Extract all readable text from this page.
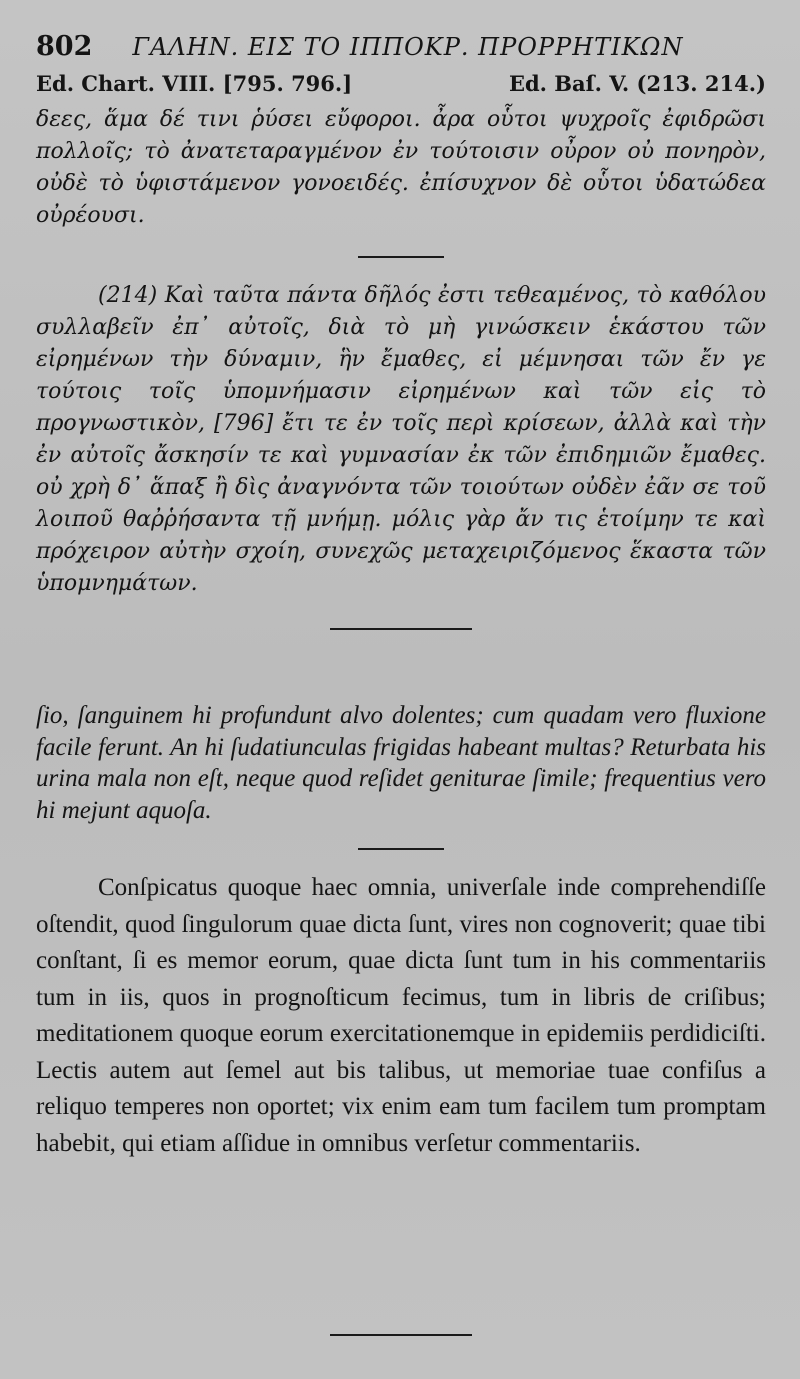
802 ΓΑΛΗΝ. ΕΙΣ ΤΟ ΙΠΠΟΚΡ. ΠΡΟΡΡΗΤΙΚΩΝ
Ed. Chart. VIII. [795. 796.]	Ed. Baſ. V. (213. 214.)

δεες, ἅμα δέ τινι ῥύσει εὔφοροι. ἆρα οὗτοι ψυχροῖς ἐφιδρῶσι πολλοῖς; τὸ ἀνατεταραγμένον ἐν τούτοισιν οὖρον οὐ πονηρὸν, οὐδὲ τὸ ὑφιστάμενον γονοειδές. ἐπίσυχνον δὲ οὗτοι ὑδατώδεα οὐρέουσι.

(214) Καὶ ταῦτα πάντα δῆλός ἐστι τεθεαμένος, τὸ καθόλου συλλαβεῖν ἐπ᾽ αὐτοῖς, διὰ τὸ μὴ γινώσκειν ἑκάστου τῶν εἰρημένων τὴν δύναμιν, ἣν ἔμαθες, εἰ μέμνησαι τῶν ἔν γε τούτοις τοῖς ὑπομνήμασιν εἰρημένων καὶ τῶν εἰς τὸ προγνωστικὸν, [796] ἔτι τε ἐν τοῖς περὶ κρίσεων, ἀλλὰ καὶ τὴν ἐν αὐτοῖς ἄσκησίν τε καὶ γυμνασίαν ἐκ τῶν ἐπιδημιῶν ἔμαθες. οὐ χρὴ δ᾽ ἅπαξ ἢ δὶς ἀναγνόντα τῶν τοιούτων οὐδὲν ἐᾶν σε τοῦ λοιποῦ θαῤῥήσαντα τῇ μνήμῃ. μόλις γὰρ ἄν τις ἑτοίμην τε καὶ πρόχειρον αὐτὴν σχοίη, συνεχῶς μεταχειριζόμενος ἕκαστα τῶν ὑπομνημάτων.

ſio, ſanguinem hi profundunt alvo dolentes; cum quadam vero fluxione facile ferunt. An hi ſudatiunculas frigidas habeant multas? Returbata his urina mala non eſt, neque quod reſidet geniturae ſimile; frequentius vero hi mejunt aquoſa.

Conſpicatus quoque haec omnia, univerſale inde comprehendiſſe oſtendit, quod ſingulorum quae dicta ſunt, vires non cognoverit; quae tibi conſtant, ſi es memor eorum, quae dicta ſunt tum in his commentariis tum in iis, quos in prognoſticum fecimus, tum in libris de criſibus; meditationem quoque eorum exercitationemque in epidemiis perdidiciſti. Lectis autem aut ſemel aut bis talibus, ut memoriae tuae confiſus a reliquo temperes non oportet; vix enim eam tum facilem tum promptam habebit, qui etiam aſſidue in omnibus verſetur commentariis.
